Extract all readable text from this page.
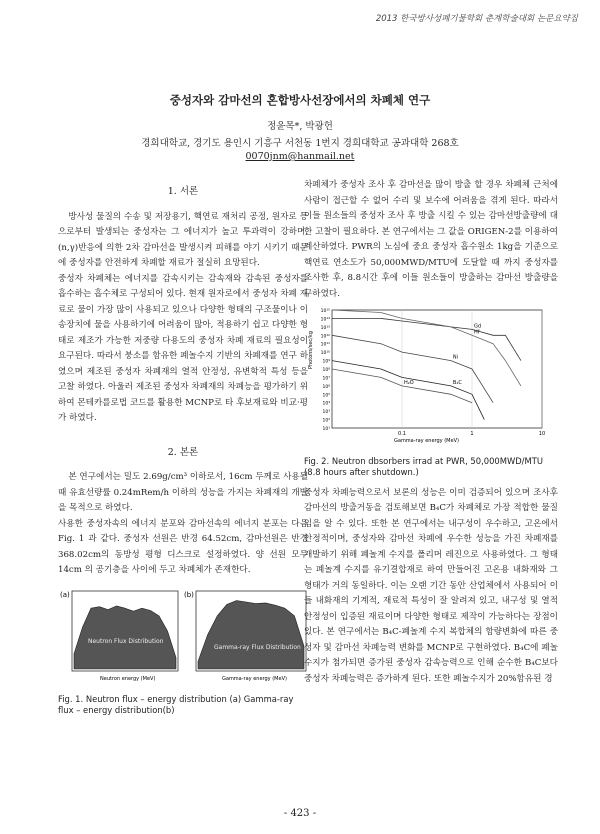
2013 한국방사성폐기물학회 춘계학술대회 논문요약집
중성자와 감마선의 혼합방사선장에서의 차폐체 연구
정윤목*, 박광헌
경희대학교, 경기도 용인시 기흥구 서천동 1번지 경희대학교 공과대학 268호
0070jnm@hanmail.net
1. 서론

방사성 물질의 수송 및 저장용기, 핵연료 재처리 공정, 원자로 등으로부터 발생되는 중성자는 그 에너지가 높고 투과력이 강하며, (n,γ)반응에 의한 2차 감마선을 발생시켜 피해를 야기 시키기 때문에 중성자를 안전하게 차폐할 재료가 절실히 요망된다.

중성자 차폐체는 에너지를 감속시키는 감속재와 감속된 중성자를 흡수하는 흡수체로 구성되어 있다. 현재 원자로에서 중성자 차폐 재료로 물이 가장 많이 사용되고 있으나 다양한 형태의 구조물이나 이송장치에 물을 사용하기에 어려움이 많아, 적용하기 쉽고 다양한 형태로 제조가 가능한 저중량 다용도의 중성자 차폐 재료의 필요성이 요구된다. 따라서 붕소를 함유한 폐놀수지 기반의 차폐재를 연구 하였으며 제조된 중성자 차폐재의 열적 안정성, 유변학적 특성 등을 고찰 하였다. 아울러 제조된 중성자 차폐재의 차폐능을 평가하기 위하여 몬테카를로법 코드를 활용한 MCNP로 타 후보재료와 비교·평가 하였다.

2. 본론

본 연구에서는 밀도 2.69g/cm³ 이하로서, 16cm 두께로 사용될 때 유효선량률 0.24mRem/h 이하의 성능을 가지는 차폐재의 개발을 목적으로 하였다.

사용한 중성자속의 에너지 분포와 감마선속의 에너지 분포는 다음 Fig. 1 과 같다. 중성자 선원은 반경 64.52cm, 감마선원은 반경 368.02cm의 동방성 평형 디스크로 설정하였다. 양 선원 모두 14cm 의 공기층을 사이에 두고 차폐체가 존재한다.

(a)
Neutron Flux Distribution
Neutron energy (MeV)
(b)
Gamma-ray Flux Distribution
Gamma-ray energy (MeV)
Fig. 1. Neutron flux – energy distribution (a) Gamma-ray flux – energy distribution(b)

차폐체가 중성자 조사 후 감마선을 많이 방출 할 경우 차폐체 근처에 사람이 접근할 수 없어 수리 및 보수에 어려움을 겪게 된다. 따라서 이들 원소들의 중성자 조사 후 방출 시킬 수 있는 감마선방출량에 대한 고찰이 필요하다. 본 연구에서는 그 값을 ORIGEN-2를 이용하여 계산하였다. PWR의 노심에 중요 중성자 흡수원소 1kg을 기준으로 핵연료 연소도가 50,000MWD/MTU에 도달할 때 까지 중성자를 조사한 후, 8.8시간 후에 이들 원소들이 방출하는 감마선 방출량을 구하였다.

Photons/sec/kg
Gamma-ray energy (MeV)
10¹⁵
10¹⁴
10¹³
10¹²
10¹¹
10¹⁰
10⁹
10⁸
10⁷
10⁶
10⁵
10⁴
10³
10²
10¹
0.1	1	10
Gd
Hf
Ni
H₂O	B₄C
Fig. 2. Neutron dbsorbers irrad at PWR, 50,000MWD/MTU (8.8 hours after shutdown.)

중성자 차폐능력으로서 보론의 성능은 이미 검증되어 있으며 조사후 감마선의 방출거동을 검토해보면 B₄C가 차폐체로 가장 적합한 물질임을 알 수 있다. 또한 본 연구에서는 내구성이 우수하고, 고온에서 안정적이며, 중성자와 감마선 차폐에 우수한 성능을 가진 차폐재를 개발하기 위해 폐놀계 수지를 폴리머 레진으로 사용하였다. 그 형태는 폐놀계 수지를 유기결합재로 하여 만들어진 고온용 내화재와 그 형태가 거의 동일하다. 이는 오랜 기간 동안 산업체에서 사용되어 이들 내화재의 기계적, 재료적 특성이 잘 알려져 있고, 내구성 및 열적 안정성이 입증된 재료이며 다양한 형태로 제작이 가능하다는 장점이 있다. 본 연구에서는 B₄C-폐놀계 수지 복합체의 함량변화에 따른 중성자 및 감마선 차폐능력 변화를 MCNP로 구현하였다. B₄C에 폐놀수지가 첨가되면 증가된 중성자 감속능력으로 인해 순수한 B₄C보다 중성자 차폐능력은 증가하게 된다. 또한 폐놀수지가 20%함유된 경

- 423 -
